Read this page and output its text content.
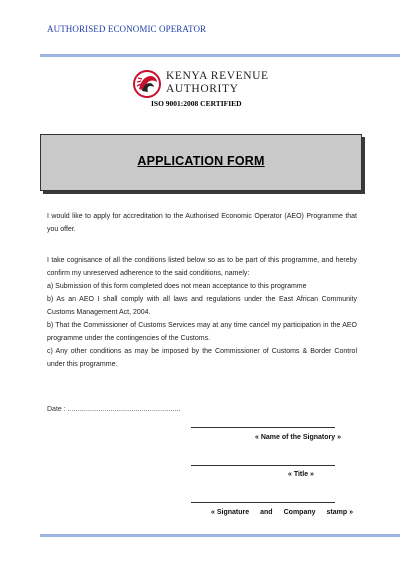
AUTHORISED ECONOMIC OPERATOR
KENYA REVENUE
AUTHORITY
ISO 9001:2008 CERTIFIED
APPLICATION FORM
I would like to apply for accreditation to the Authorised Economic Operator (AEO) Programme that you offer.
I take cognisance of all the conditions listed below so as to be part of this programme, and hereby confirm my unreserved adherence to the said conditions, namely:
a) Submission of this form completed does not mean acceptance to this programme
b) As an AEO I shall comply with all laws and regulations under the East African Community Customs Management Act, 2004.
b) That the Commissioner of Customs Services may at any time cancel my participation in the AEO programme under the contingencies of the Customs.
c) Any other conditions as may be imposed by the Commissioner of Customs & Border Control under this programme.
Date : ..........................................................
« Name of the Signatory »
« Title »
« Signature and Company stamp »
